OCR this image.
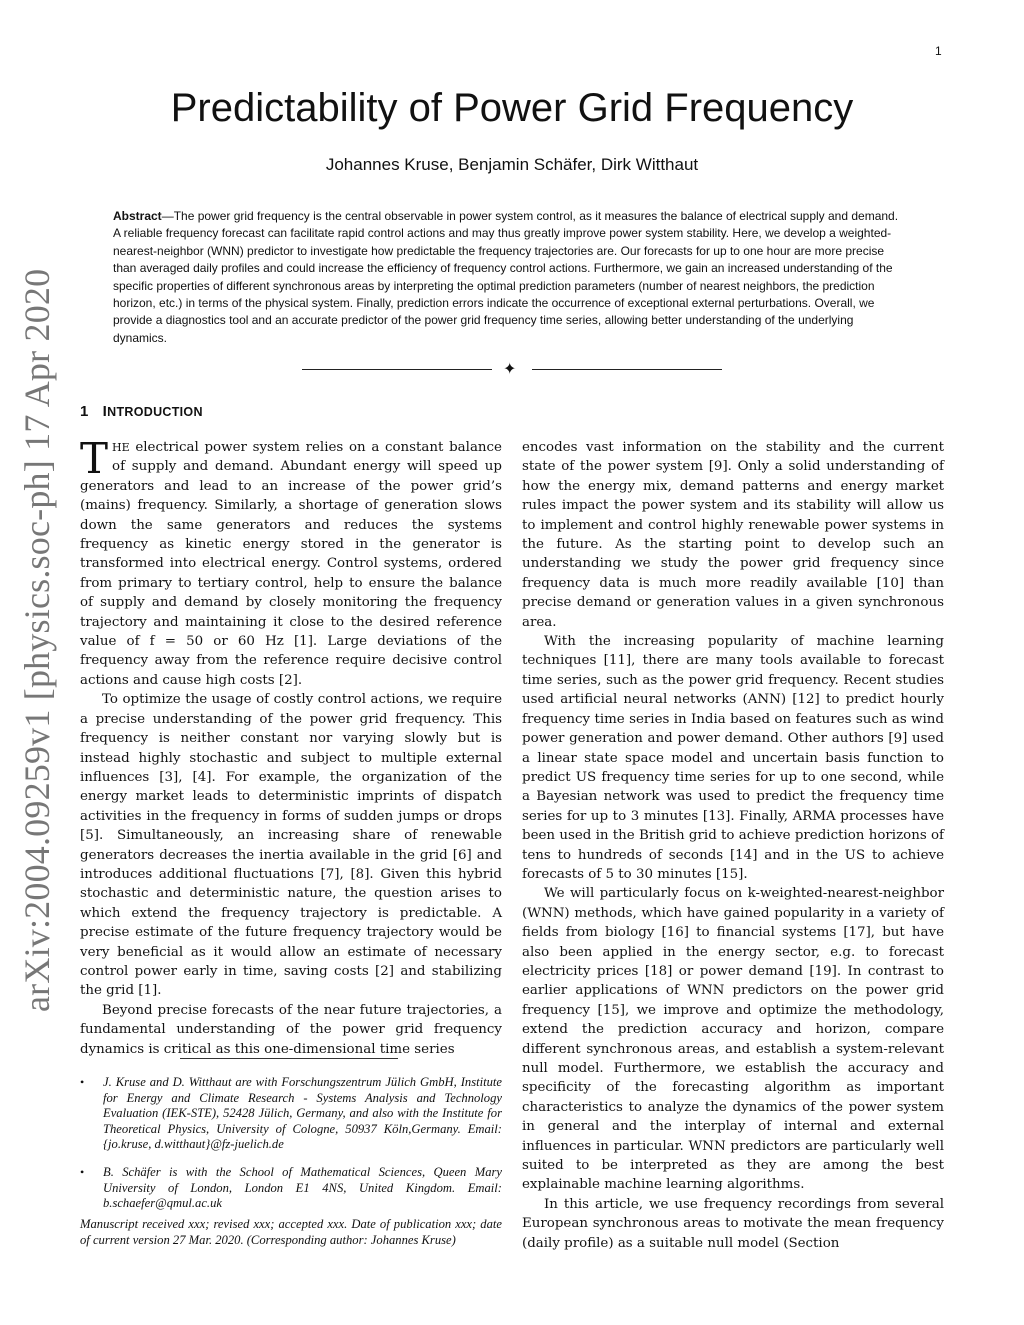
1
arXiv:2004.09259v1 [physics.soc-ph] 17 Apr 2020
Predictability of Power Grid Frequency
Johannes Kruse, Benjamin Schäfer, Dirk Witthaut

Abstract—The power grid frequency is the central observable in power system control, as it measures the balance of electrical supply and demand. A reliable frequency forecast can facilitate rapid control actions and may thus greatly improve power system stability. Here, we develop a weighted-nearest-neighbor (WNN) predictor to investigate how predictable the frequency trajectories are. Our forecasts for up to one hour are more precise than averaged daily profiles and could increase the efficiency of frequency control actions. Furthermore, we gain an increased understanding of the specific properties of different synchronous areas by interpreting the optimal prediction parameters (number of nearest neighbors, the prediction horizon, etc.) in terms of the physical system. Finally, prediction errors indicate the occurrence of exceptional external perturbations. Overall, we provide a diagnostics tool and an accurate predictor of the power grid frequency time series, allowing better understanding of the underlying dynamics.

✦
1 INTRODUCTION

THE electrical power system relies on a constant balance of supply and demand. Abundant energy will speed up generators and lead to an increase of the power grid’s (mains) frequency. Similarly, a shortage of generation slows down the same generators and reduces the systems frequency as kinetic energy stored in the generator is transformed into electrical energy. Control systems, ordered from primary to tertiary control, help to ensure the balance of supply and demand by closely monitoring the frequency trajectory and maintaining it close to the desired reference value of f = 50 or 60 Hz [1]. Large deviations of the frequency away from the reference require decisive control actions and cause high costs [2].

To optimize the usage of costly control actions, we require a precise understanding of the power grid frequency. This frequency is neither constant nor varying slowly but is instead highly stochastic and subject to multiple external influences [3], [4]. For example, the organization of the energy market leads to deterministic imprints of dispatch activities in the frequency in forms of sudden jumps or drops [5]. Simultaneously, an increasing share of renewable generators decreases the inertia available in the grid [6] and introduces additional fluctuations [7], [8]. Given this hybrid stochastic and deterministic nature, the question arises to which extend the frequency trajectory is predictable. A precise estimate of the future frequency trajectory would be very beneficial as it would allow an estimate of necessary control power early in time, saving costs [2] and stabilizing the grid [1].

Beyond precise forecasts of the near future trajectories, a fundamental understanding of the power grid frequency dynamics is critical as this one-dimensional time series

• J. Kruse and D. Witthaut are with Forschungszentrum Jülich GmbH, Institute for Energy and Climate Research - Systems Analysis and Technology Evaluation (IEK-STE), 52428 Jülich, Germany, and also with the Institute for Theoretical Physics, University of Cologne, 50937 Köln,Germany. Email: {jo.kruse, d.witthaut}@fz-juelich.de
• B. Schäfer is with the School of Mathematical Sciences, Queen Mary University of London, London E1 4NS, United Kingdom. Email: b.schaefer@qmul.ac.uk
Manuscript received xxx; revised xxx; accepted xxx. Date of publication xxx; date of current version 27 Mar. 2020. (Corresponding author: Johannes Kruse)

encodes vast information on the stability and the current state of the power system [9]. Only a solid understanding of how the energy mix, demand patterns and energy market rules impact the power system and its stability will allow us to implement and control highly renewable power systems in the future. As the starting point to develop such an understanding we study the power grid frequency since frequency data is much more readily available [10] than precise demand or generation values in a given synchronous area.

With the increasing popularity of machine learning techniques [11], there are many tools available to forecast time series, such as the power grid frequency. Recent studies used artificial neural networks (ANN) [12] to predict hourly frequency time series in India based on features such as wind power generation and power demand. Other authors [9] used a linear state space model and uncertain basis function to predict US frequency time series for up to one second, while a Bayesian network was used to predict the frequency time series for up to 3 minutes [13]. Finally, ARMA processes have been used in the British grid to achieve prediction horizons of tens to hundreds of seconds [14] and in the US to achieve forecasts of 5 to 30 minutes [15].

We will particularly focus on k-weighted-nearest-neighbor (WNN) methods, which have gained popularity in a variety of fields from biology [16] to financial systems [17], but have also been applied in the energy sector, e.g. to forecast electricity prices [18] or power demand [19]. In contrast to earlier applications of WNN predictors on the power grid frequency [15], we improve and optimize the methodology, extend the prediction accuracy and horizon, compare different synchronous areas, and establish a system-relevant null model. Furthermore, we establish the accuracy and specificity of the forecasting algorithm as important characteristics to analyze the dynamics of the power system in general and the interplay of internal and external influences in particular. WNN predictors are particularly well suited to be interpreted as they are among the best explainable machine learning algorithms.

In this article, we use frequency recordings from several European synchronous areas to motivate the mean frequency (daily profile) as a suitable null model (Section
